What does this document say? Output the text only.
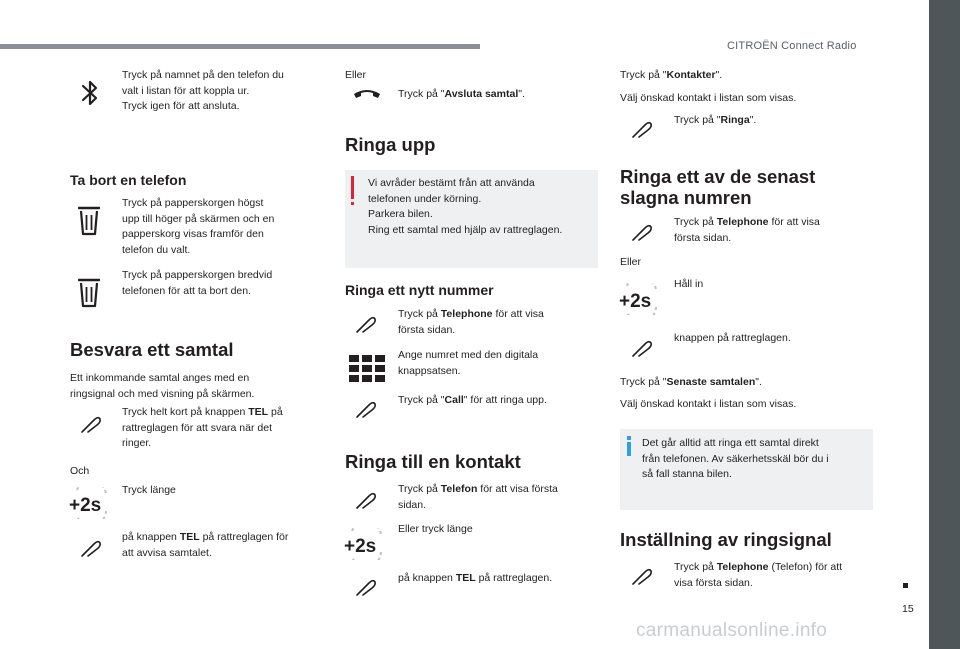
CITROËN Connect Radio
15
carmanualsonline.info
Tryck på namnet på den telefon du
valt i listan för att koppla ur.
Tryck igen för att ansluta.
Ta bort en telefon
Tryck på papperskorgen högst
upp till höger på skärmen och en
papperskorg visas framför den
telefon du valt.
Tryck på papperskorgen bredvid
telefonen för att ta bort den.
Besvara ett samtal
Ett inkommande samtal anges med en
ringsignal och med visning på skärmen.
Tryck helt kort på knappen TEL på
rattreglagen för att svara när det
ringer.
Och
+2s
Tryck länge
på knappen TEL på rattreglagen för
att avvisa samtalet.
Eller
Tryck på "Avsluta samtal".
Ringa upp
Vi avråder bestämt från att använda
telefonen under körning.
Parkera bilen.
Ring ett samtal med hjälp av rattreglagen.
Ringa ett nytt nummer
Tryck på Telephone för att visa
första sidan.
Ange numret med den digitala
knappsatsen.
Tryck på "Call" för att ringa upp.
Ringa till en kontakt
Tryck på Telefon för att visa första
sidan.
+2s
Eller tryck länge
på knappen TEL på rattreglagen.
Tryck på "Kontakter".
Välj önskad kontakt i listan som visas.
Tryck på "Ringa".
Ringa ett av de senast
slagna numren
Tryck på Telephone för att visa
första sidan.
Eller
+2s
Håll in
knappen på rattreglagen.
Tryck på "Senaste samtalen".
Välj önskad kontakt i listan som visas.
Det går alltid att ringa ett samtal direkt
från telefonen. Av säkerhetsskäl bör du i
så fall stanna bilen.
Inställning av ringsignal
Tryck på Telephone (Telefon) för att
visa första sidan.
